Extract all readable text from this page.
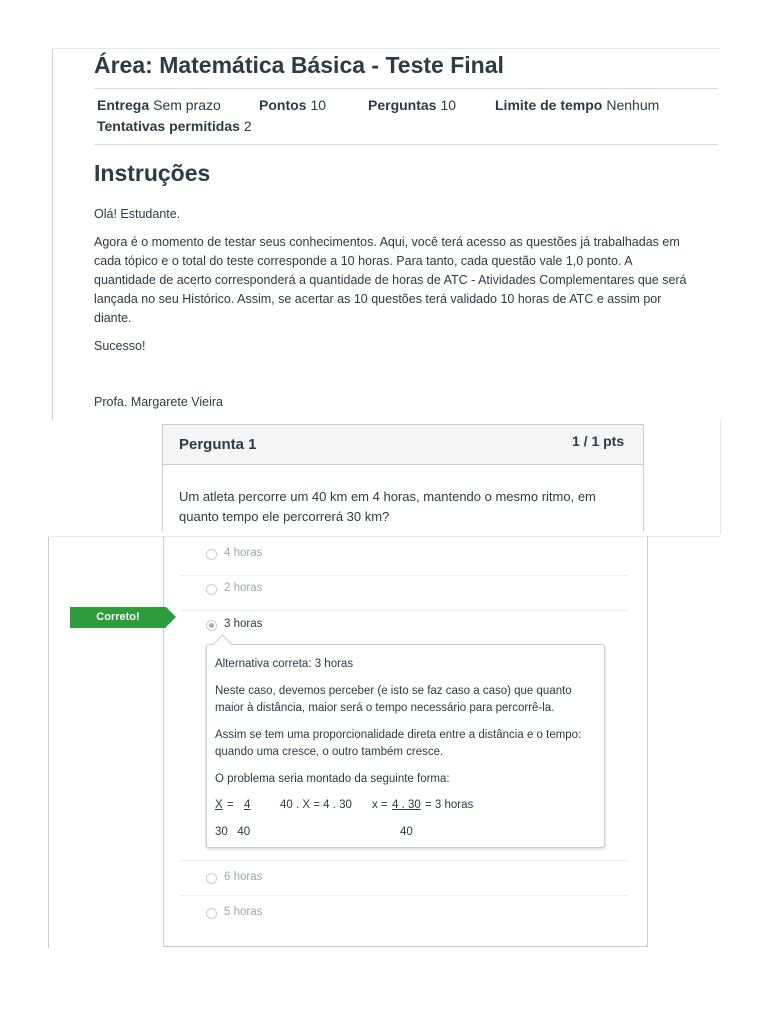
Área: Matemática Básica - Teste Final
Entrega Sem prazo	Pontos 10	Perguntas 10	Limite de tempo Nenhum
Tentativas permitidas 2
Instruções
Olá! Estudante.
Agora é o momento de testar seus conhecimentos. Aqui, você terá acesso as questões já trabalhadas em
cada tópico e o total do teste corresponde a 10 horas. Para tanto, cada questão vale 1,0 ponto. A
quantidade de acerto corresponderá a quantidade de horas de ATC - Atividades Complementares que será
lançada no seu Histórico. Assim, se acertar as 10 questões terá validado 10 horas de ATC e assim por
diante.
Sucesso!
Profa. Margarete Vieira
Pergunta 1	1 / 1 pts
Um atleta percorre um 40 km em 4 horas, mantendo o mesmo ritmo, em
quanto tempo ele percorrerá 30 km?
4 horas
2 horas
3 horas
Correto!
Alternativa correta: 3 horas
Neste caso, devemos perceber (e isto se faz caso a caso) que quanto
maior à distância, maior será o tempo necessário para percorrê-la.
Assim se tem uma proporcionalidade direta entre a distância e o tempo:
quando uma cresce, o outro também cresce.
O problema seria montado da seguinte forma:
X = 4	40 . X = 4 . 30 x = 4 . 30 = 3 horas
30   40	40
6 horas
5 horas
